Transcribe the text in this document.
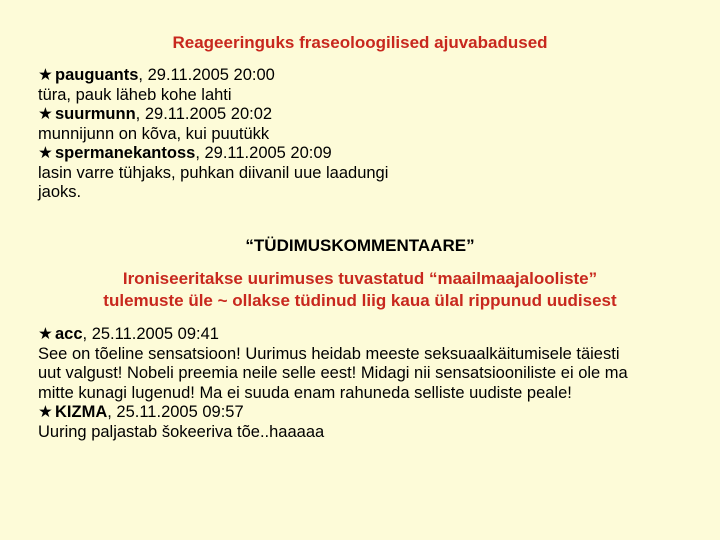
Reageeringuks fraseoloogilised ajuvabadused
★ pauguants, 29.11.2005 20:00
türa, pauk läheb kohe lahti
★ suurmunn, 29.11.2005 20:02
munnijunn on kõva, kui puutükk
★ spermanekantoss, 29.11.2005 20:09
lasin varre tühjaks, puhkan diivanil uue laadungi
jaoks.
“TÜDIMUSKOMMENTAARE”
Ironiseeritakse uurimuses tuvastatud “maailmaajalooliste”
tulemuste üle ~ ollakse tüdinud liig kaua ülal rippunud uudisest
★ acc, 25.11.2005 09:41
See on tõeline sensatsioon! Uurimus heidab meeste seksuaalkäitumisele täiesti
uut valgust! Nobeli preemia neile selle eest! Midagi nii sensatsiooniliste ei ole ma
mitte kunagi lugenud! Ma ei suuda enam rahuneda selliste uudiste peale!
★ KIZMA, 25.11.2005 09:57
Uuring paljastab šokeeriva tõe..haaaaa
